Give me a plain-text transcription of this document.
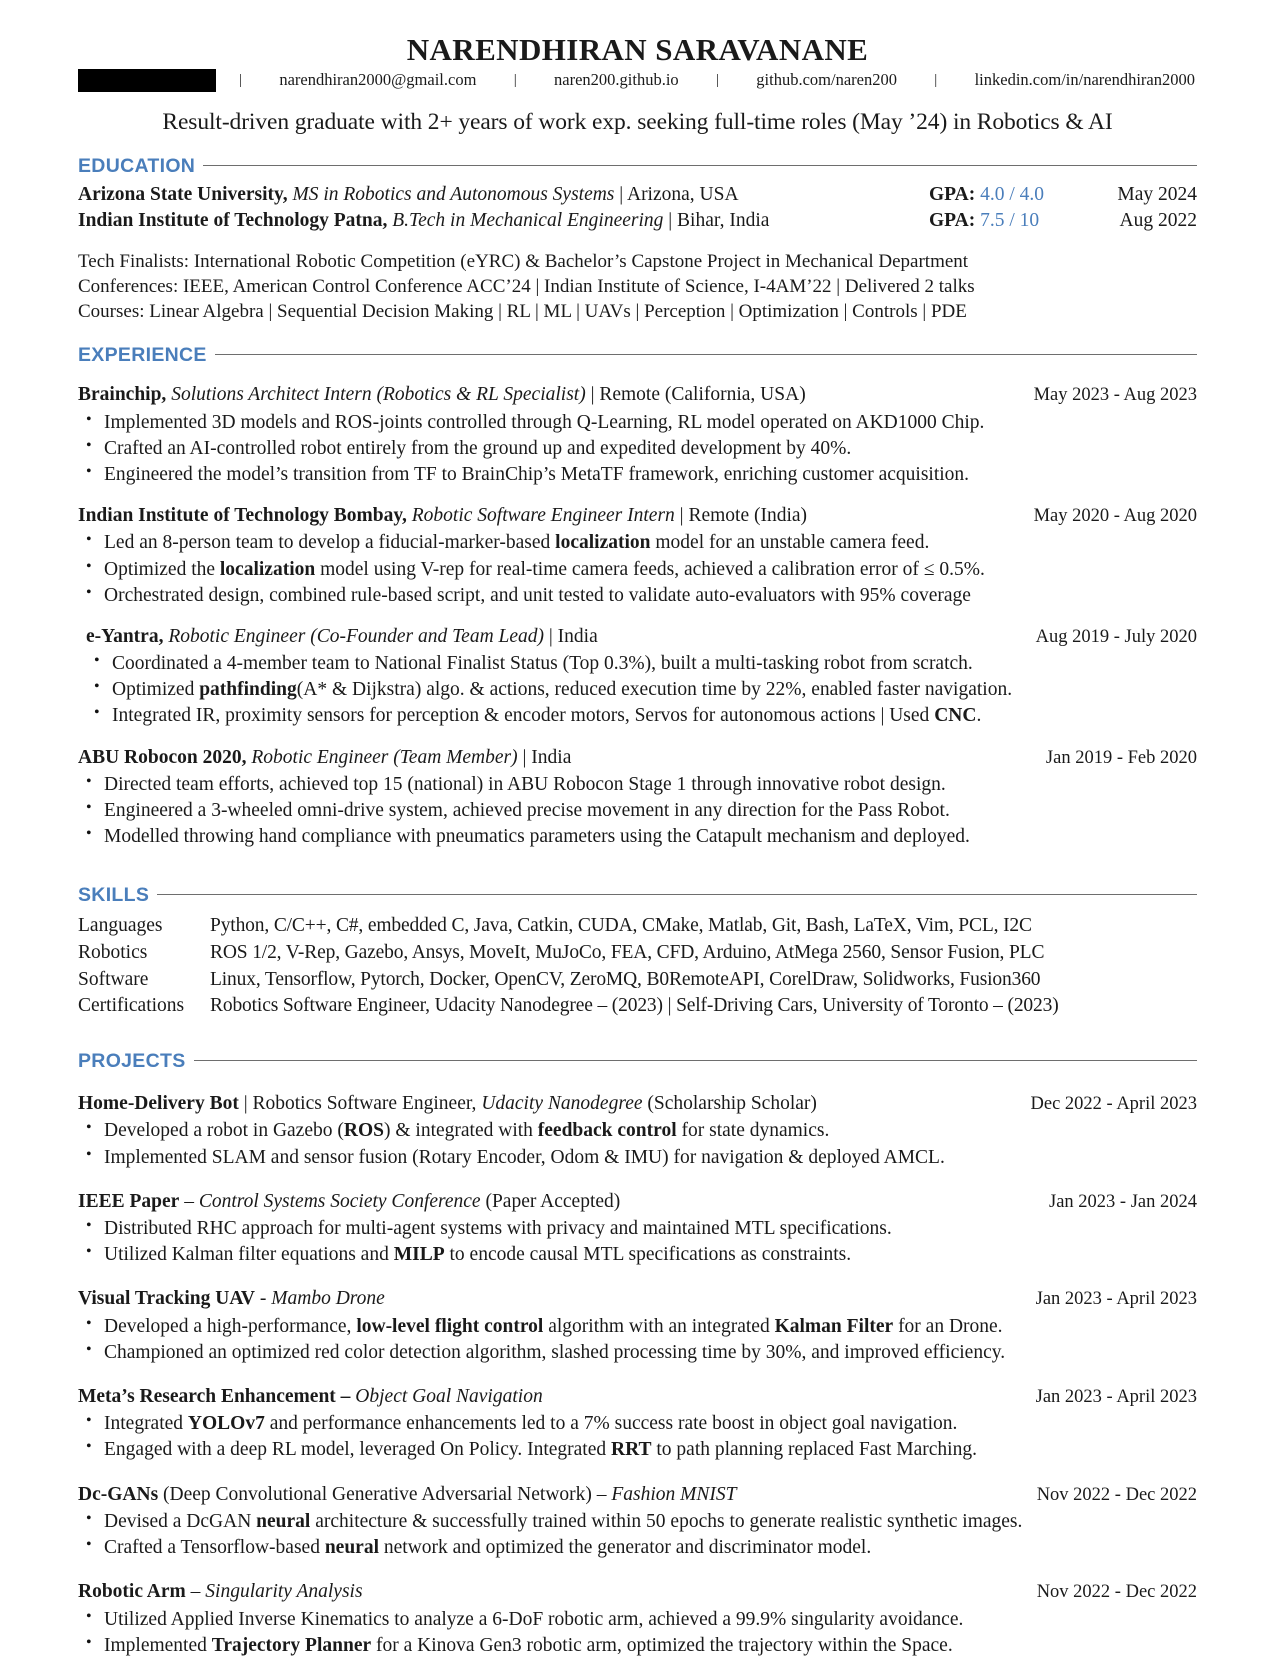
NARENDHIRAN SARAVANANE
|	narendhiran2000@gmail.com	|	naren200.github.io	|	github.com/naren200	|	linkedin.com/in/narendhiran2000
Result-driven graduate with 2+ years of work exp. seeking full-time roles (May ’24) in Robotics & AI
EDUCATION
Arizona State University, MS in Robotics and Autonomous Systems | Arizona, USA	GPA: 4.0 / 4.0	May 2024
Indian Institute of Technology Patna, B.Tech in Mechanical Engineering | Bihar, India	GPA: 7.5 / 10	Aug 2022
Tech Finalists: International Robotic Competition (eYRC) & Bachelor’s Capstone Project in Mechanical Department
Conferences: IEEE, American Control Conference ACC’24 | Indian Institute of Science, I-4AM’22 | Delivered 2 talks
Courses: Linear Algebra | Sequential Decision Making | RL | ML | UAVs | Perception | Optimization | Controls | PDE
EXPERIENCE
Brainchip, Solutions Architect Intern (Robotics & RL Specialist) | Remote (California, USA)	May 2023 - Aug 2023
• Implemented 3D models and ROS-joints controlled through Q-Learning, RL model operated on AKD1000 Chip.
• Crafted an AI-controlled robot entirely from the ground up and expedited development by 40%.
• Engineered the model’s transition from TF to BrainChip’s MetaTF framework, enriching customer acquisition.
Indian Institute of Technology Bombay, Robotic Software Engineer Intern | Remote (India)	May 2020 - Aug 2020
• Led an 8-person team to develop a fiducial-marker-based localization model for an unstable camera feed.
• Optimized the localization model using V-rep for real-time camera feeds, achieved a calibration error of ≤ 0.5%.
• Orchestrated design, combined rule-based script, and unit tested to validate auto-evaluators with 95% coverage
e-Yantra, Robotic Engineer (Co-Founder and Team Lead) | India	Aug 2019 - July 2020
• Coordinated a 4-member team to National Finalist Status (Top 0.3%), built a multi-tasking robot from scratch.
• Optimized pathfinding(A* & Dijkstra) algo. & actions, reduced execution time by 22%, enabled faster navigation.
• Integrated IR, proximity sensors for perception & encoder motors, Servos for autonomous actions | Used CNC.
ABU Robocon 2020, Robotic Engineer (Team Member) | India	Jan 2019 - Feb 2020
• Directed team efforts, achieved top 15 (national) in ABU Robocon Stage 1 through innovative robot design.
• Engineered a 3-wheeled omni-drive system, achieved precise movement in any direction for the Pass Robot.
• Modelled throwing hand compliance with pneumatics parameters using the Catapult mechanism and deployed.
SKILLS
Languages	Python, C/C++, C#, embedded C, Java, Catkin, CUDA, CMake, Matlab, Git, Bash, LaTeX, Vim, PCL, I2C
Robotics	ROS 1/2, V-Rep, Gazebo, Ansys, MoveIt, MuJoCo, FEA, CFD, Arduino, AtMega 2560, Sensor Fusion, PLC
Software	Linux, Tensorflow, Pytorch, Docker, OpenCV, ZeroMQ, B0RemoteAPI, CorelDraw, Solidworks, Fusion360
Certifications	Robotics Software Engineer, Udacity Nanodegree – (2023) | Self-Driving Cars, University of Toronto – (2023)
PROJECTS
Home-Delivery Bot | Robotics Software Engineer, Udacity Nanodegree (Scholarship Scholar)	Dec 2022 - April 2023
• Developed a robot in Gazebo (ROS) & integrated with feedback control for state dynamics.
• Implemented SLAM and sensor fusion (Rotary Encoder, Odom & IMU) for navigation & deployed AMCL.
IEEE Paper – Control Systems Society Conference (Paper Accepted)	Jan 2023 - Jan 2024
• Distributed RHC approach for multi-agent systems with privacy and maintained MTL specifications.
• Utilized Kalman filter equations and MILP to encode causal MTL specifications as constraints.
Visual Tracking UAV - Mambo Drone	Jan 2023 - April 2023
• Developed a high-performance, low-level flight control algorithm with an integrated Kalman Filter for an Drone.
• Championed an optimized red color detection algorithm, slashed processing time by 30%, and improved efficiency.
Meta’s Research Enhancement – Object Goal Navigation	Jan 2023 - April 2023
• Integrated YOLOv7 and performance enhancements led to a 7% success rate boost in object goal navigation.
• Engaged with a deep RL model, leveraged On Policy. Integrated RRT to path planning replaced Fast Marching.
Dc-GANs (Deep Convolutional Generative Adversarial Network) – Fashion MNIST	Nov 2022 - Dec 2022
• Devised a DcGAN neural architecture & successfully trained within 50 epochs to generate realistic synthetic images.
• Crafted a Tensorflow-based neural network and optimized the generator and discriminator model.
Robotic Arm – Singularity Analysis	Nov 2022 - Dec 2022
• Utilized Applied Inverse Kinematics to analyze a 6-DoF robotic arm, achieved a 99.9% singularity avoidance.
• Implemented Trajectory Planner for a Kinova Gen3 robotic arm, optimized the trajectory within the Space.
